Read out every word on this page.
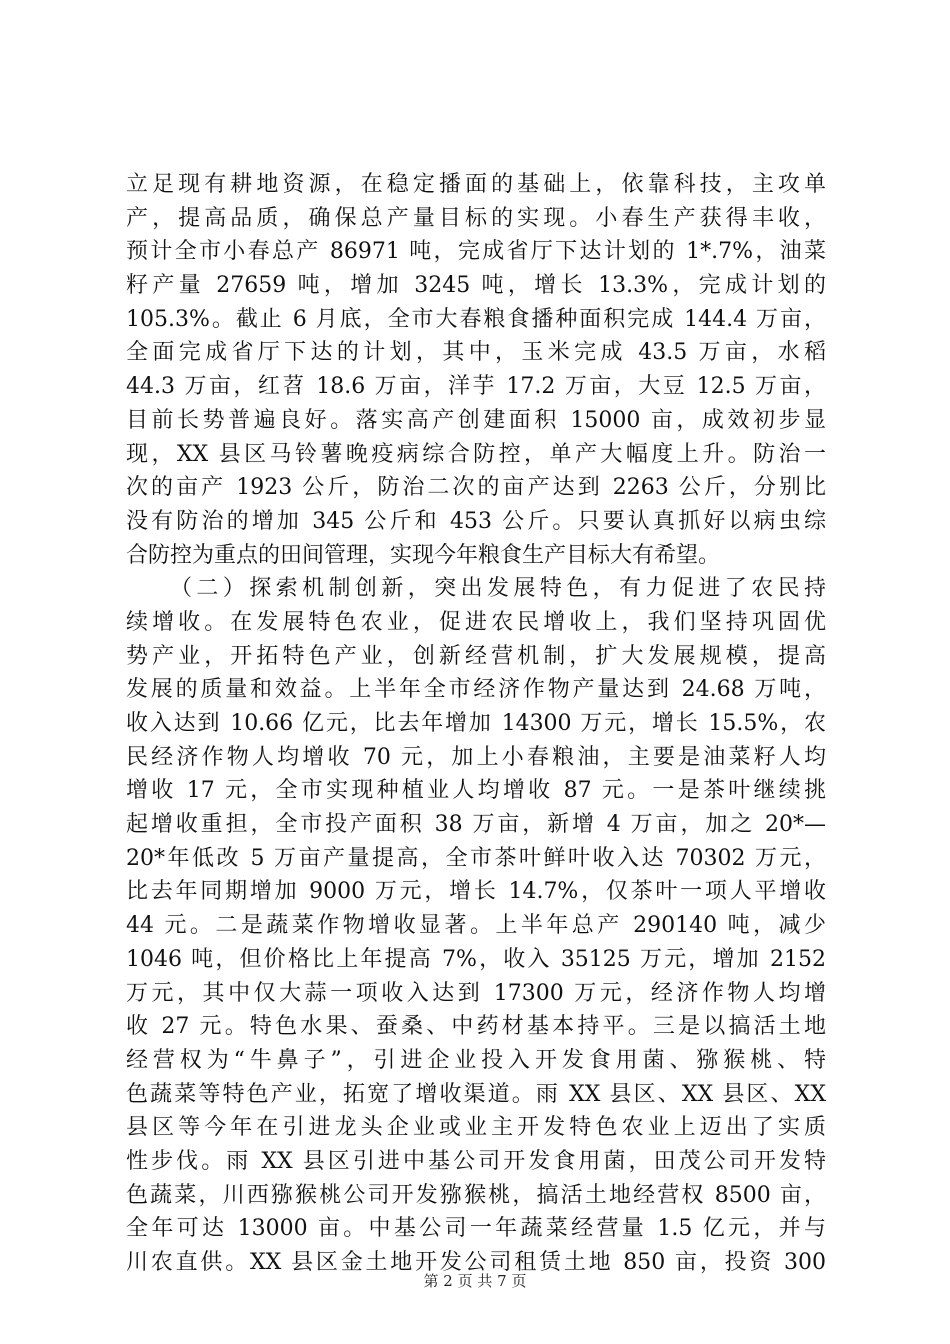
立足现有耕地资源，在稳定播面的基础上，依靠科技，主攻单
产，提高品质，确保总产量目标的实现。小春生产获得丰收，
预计全市小春总产 86971 吨，完成省厅下达计划的 1*.7%，油菜
籽产量 27659 吨，增加 3245 吨，增长 13.3%，完成计划的
105.3%。截止 6 月底，全市大春粮食播种面积完成 144.4 万亩，
全面完成省厅下达的计划，其中，玉米完成 43.5 万亩，水稻
44.3 万亩，红苕 18.6 万亩，洋芋 17.2 万亩，大豆 12.5 万亩，
目前长势普遍良好。落实高产创建面积 15000 亩，成效初步显
现，XX 县区马铃薯晚疫病综合防控，单产大幅度上升。防治一
次的亩产 1923 公斤，防治二次的亩产达到 2263 公斤，分别比
没有防治的增加 345 公斤和 453 公斤。只要认真抓好以病虫综
合防控为重点的田间管理，实现今年粮食生产目标大有希望。
（二）探索机制创新，突出发展特色，有力促进了农民持
续增收。在发展特色农业，促进农民增收上，我们坚持巩固优
势产业，开拓特色产业，创新经营机制，扩大发展规模，提高
发展的质量和效益。上半年全市经济作物产量达到 24.68 万吨，
收入达到 10.66 亿元，比去年增加 14300 万元，增长 15.5%，农
民经济作物人均增收 70 元，加上小春粮油，主要是油菜籽人均
增收 17 元，全市实现种植业人均增收 87 元。一是茶叶继续挑
起增收重担，全市投产面积 38 万亩，新增 4 万亩，加之 20*—
20*年低改 5 万亩产量提高，全市茶叶鲜叶收入达 70302 万元，
比去年同期增加 9000 万元，增长 14.7%，仅茶叶一项人平增收
44 元。二是蔬菜作物增收显著。上半年总产 290140 吨，减少
1046 吨，但价格比上年提高 7%，收入 35125 万元，增加 2152
万元，其中仅大蒜一项收入达到 17300 万元，经济作物人均增
收 27 元。特色水果、蚕桑、中药材基本持平。三是以搞活土地
经营权为“牛鼻子”，引进企业投入开发食用菌、猕猴桃、特
色蔬菜等特色产业，拓宽了增收渠道。雨 XX 县区、XX 县区、XX
县区等今年在引进龙头企业或业主开发特色农业上迈出了实质
性步伐。雨 XX 县区引进中基公司开发食用菌，田茂公司开发特
色蔬菜，川西猕猴桃公司开发猕猴桃，搞活土地经营权 8500 亩，
全年可达 13000 亩。中基公司一年蔬菜经营量 1.5 亿元，并与
川农直供。XX 县区金土地开发公司租赁土地 850 亩，投资 300
第 2 页 共 7 页
